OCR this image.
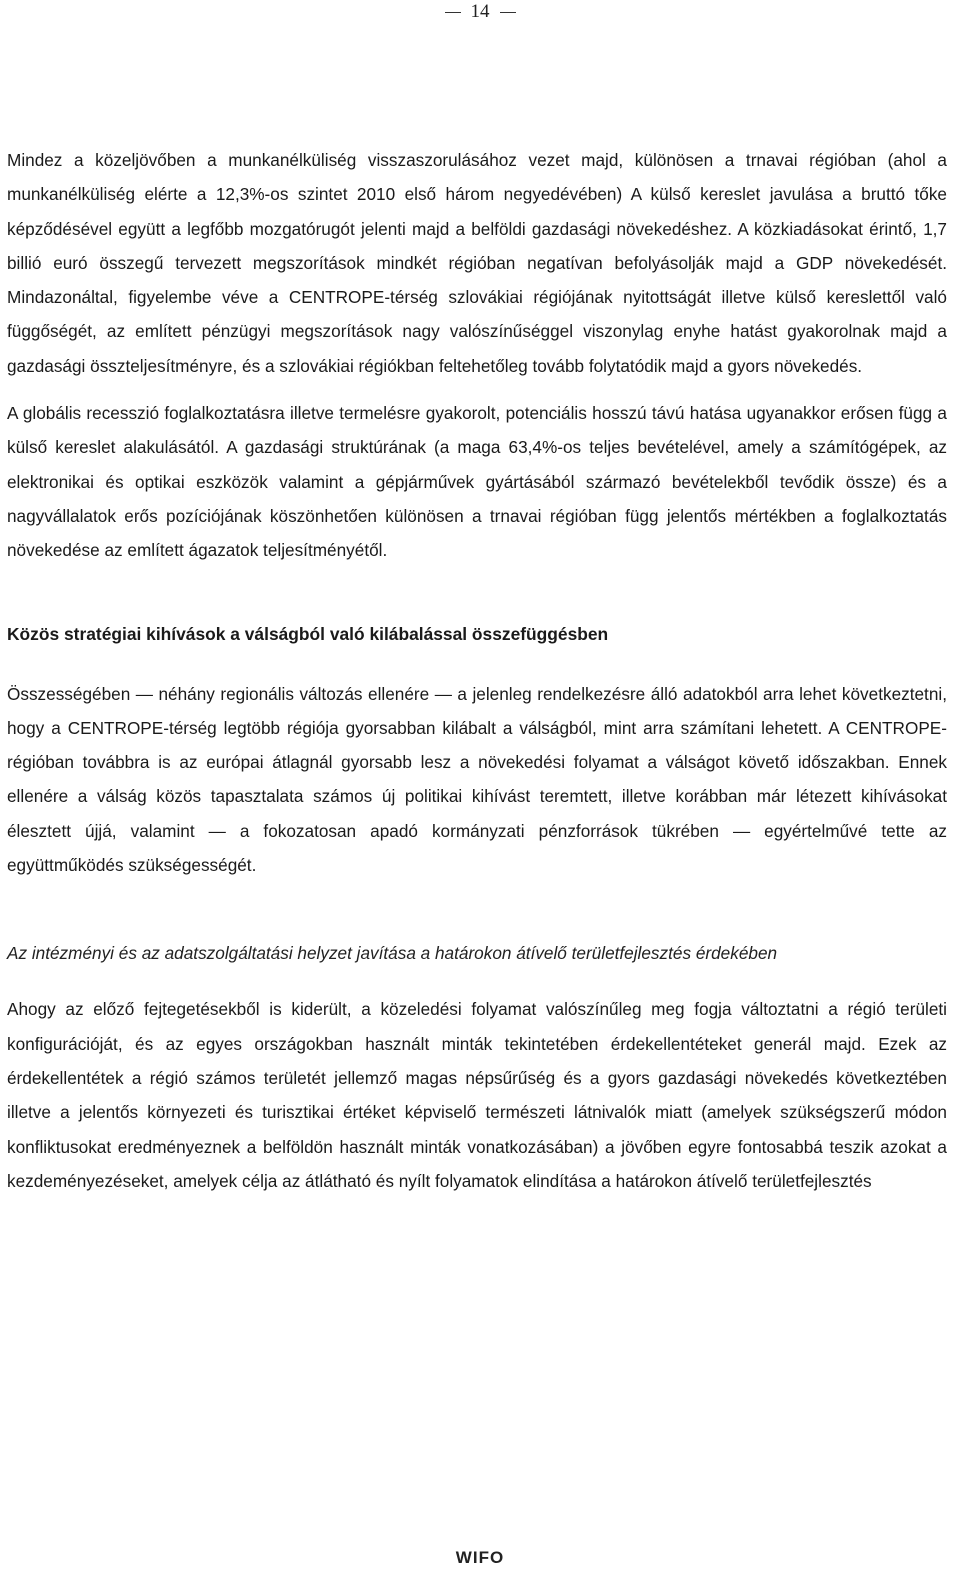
14

Mindez a közeljövőben a munkanélküliség visszaszorulásához vezet majd, különösen a trnavai régióban (ahol a munkanélküliség elérte a 12,3%-os szintet 2010 első három negyedévében) A külső kereslet javulása a bruttó tőke képződésével együtt a legfőbb mozgatórugót jelenti majd a belföldi gazdasági növekedéshez. A közkiadásokat érintő, 1,7 billió euró összegű tervezett megszorítások mindkét régióban negatívan befolyásolják majd a GDP növekedését. Mindazonáltal, figyelembe véve a CENTROPE-térség szlovákiai régiójának nyitottságát illetve külső kereslettől való függőségét, az említett pénzügyi megszorítások nagy valószínűséggel viszonylag enyhe hatást gyakorolnak majd a gazdasági összteljesítményre, és a szlovákiai régiókban feltehetőleg tovább folytatódik majd a gyors növekedés.

A globális recesszió foglalkoztatásra illetve termelésre gyakorolt, potenciális hosszú távú hatása ugyanakkor erősen függ a külső kereslet alakulásától. A gazdasági struktúrának (a maga 63,4%-os teljes bevételével, amely a számítógépek, az elektronikai és optikai eszközök valamint a gépjárművek gyártásából származó bevételekből tevődik össze) és a nagyvállalatok erős pozíciójának köszönhetően különösen a trnavai régióban függ jelentős mértékben a foglalkoztatás növekedése az említett ágazatok teljesítményétől.

Közös stratégiai kihívások a válságból való kilábalással összefüggésben

Összességében — néhány regionális változás ellenére — a jelenleg rendelkezésre álló adatokból arra lehet következtetni, hogy a CENTROPE-térség legtöbb régiója gyorsabban kilábalt a válságból, mint arra számítani lehetett. A CENTROPE-régióban továbbra is az európai átlagnál gyorsabb lesz a növekedési folyamat a válságot követő időszakban. Ennek ellenére a válság közös tapasztalata számos új politikai kihívást teremtett, illetve korábban már létezett kihívásokat élesztett újjá, valamint — a fokozatosan apadó kormányzati pénzforrások tükrében — egyértelművé tette az együttműködés szükségességét.

Az intézményi és az adatszolgáltatási helyzet javítása a határokon átívelő területfejlesztés érdekében

Ahogy az előző fejtegetésekből is kiderült, a közeledési folyamat valószínűleg meg fogja változtatni a régió területi konfigurációját, és az egyes országokban használt minták tekintetében érdekellentéteket generál majd. Ezek az érdekellentétek a régió számos területét jellemző magas népsűrűség és a gyors gazdasági növekedés következtében illetve a jelentős környezeti és turisztikai értéket képviselő természeti látnivalók miatt (amelyek szükségszerű módon konfliktusokat eredményeznek a belföldön használt minták vonatkozásában) a jövőben egyre fontosabbá teszik azokat a kezdeményezéseket, amelyek célja az átlátható és nyílt folyamatok elindítása a határokon átívelő területfejlesztés

WIFO
